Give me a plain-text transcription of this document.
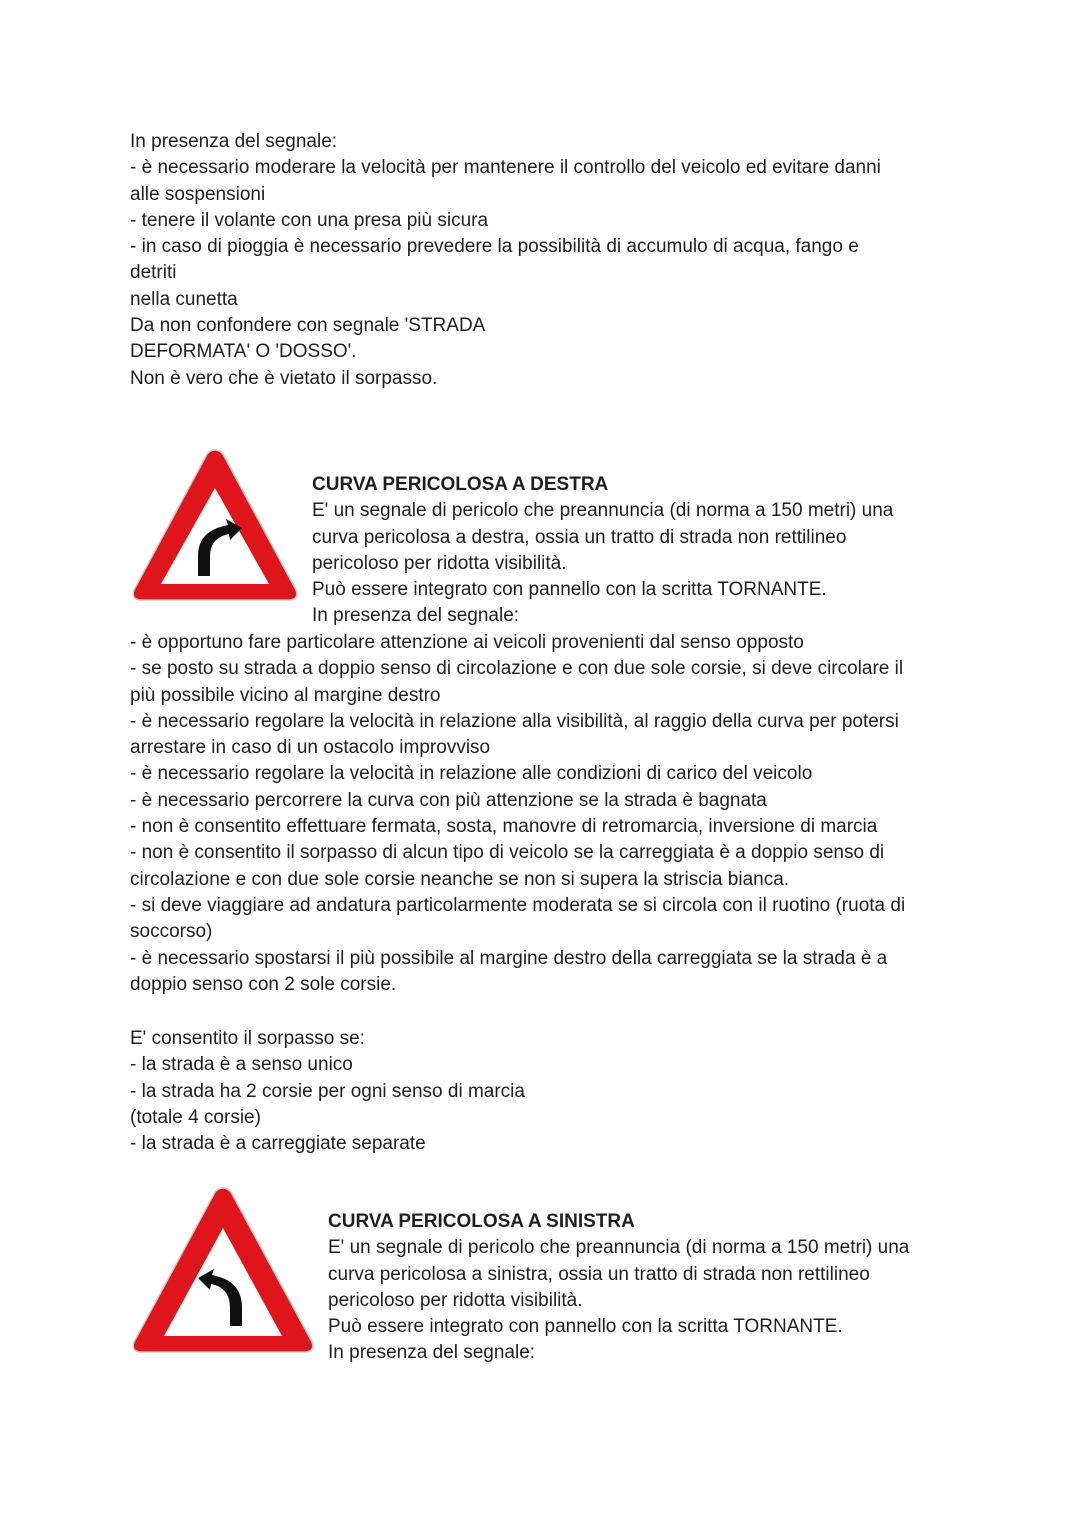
In presenza del segnale:
- è necessario moderare la velocità per mantenere il controllo del veicolo ed evitare danni
alle sospensioni
- tenere il volante con una presa più sicura
- in caso di pioggia è necessario prevedere la possibilità di accumulo di acqua, fango e
detriti
nella cunetta
Da non confondere con segnale 'STRADA
DEFORMATA' O 'DOSSO'.
Non è vero che è vietato il sorpasso.
CURVA PERICOLOSA A DESTRA
E' un segnale di pericolo che preannuncia (di norma a 150 metri) una
curva pericolosa a destra, ossia un tratto di strada non rettilineo
pericoloso per ridotta visibilità.
Può essere integrato con pannello con la scritta TORNANTE.
In presenza del segnale:
- è opportuno fare particolare attenzione ai veicoli provenienti dal senso opposto
- se posto su strada a doppio senso di circolazione e con due sole corsie, si deve circolare il
più possibile vicino al margine destro
- è necessario regolare la velocità in relazione alla visibilità, al raggio della curva per potersi
arrestare in caso di un ostacolo improvviso
- è necessario regolare la velocità in relazione alle condizioni di carico del veicolo
- è necessario percorrere la curva con più attenzione se la strada è bagnata
- non è consentito effettuare fermata, sosta, manovre di retromarcia, inversione di marcia
- non è consentito il sorpasso di alcun tipo di veicolo se la carreggiata è a doppio senso di
circolazione e con due sole corsie neanche se non si supera la striscia bianca.
- si deve viaggiare ad andatura particolarmente moderata se si circola con il ruotino (ruota di
soccorso)
- è necessario spostarsi il più possibile al margine destro della carreggiata se la strada è a
doppio senso con 2 sole corsie.
E' consentito il sorpasso se:
- la strada è a senso unico
- la strada ha 2 corsie per ogni senso di marcia
(totale 4 corsie)
- la strada è a carreggiate separate
CURVA PERICOLOSA A SINISTRA
E' un segnale di pericolo che preannuncia (di norma a 150 metri) una
curva pericolosa a sinistra, ossia un tratto di strada non rettilineo
pericoloso per ridotta visibilità.
Può essere integrato con pannello con la scritta TORNANTE.
In presenza del segnale:
